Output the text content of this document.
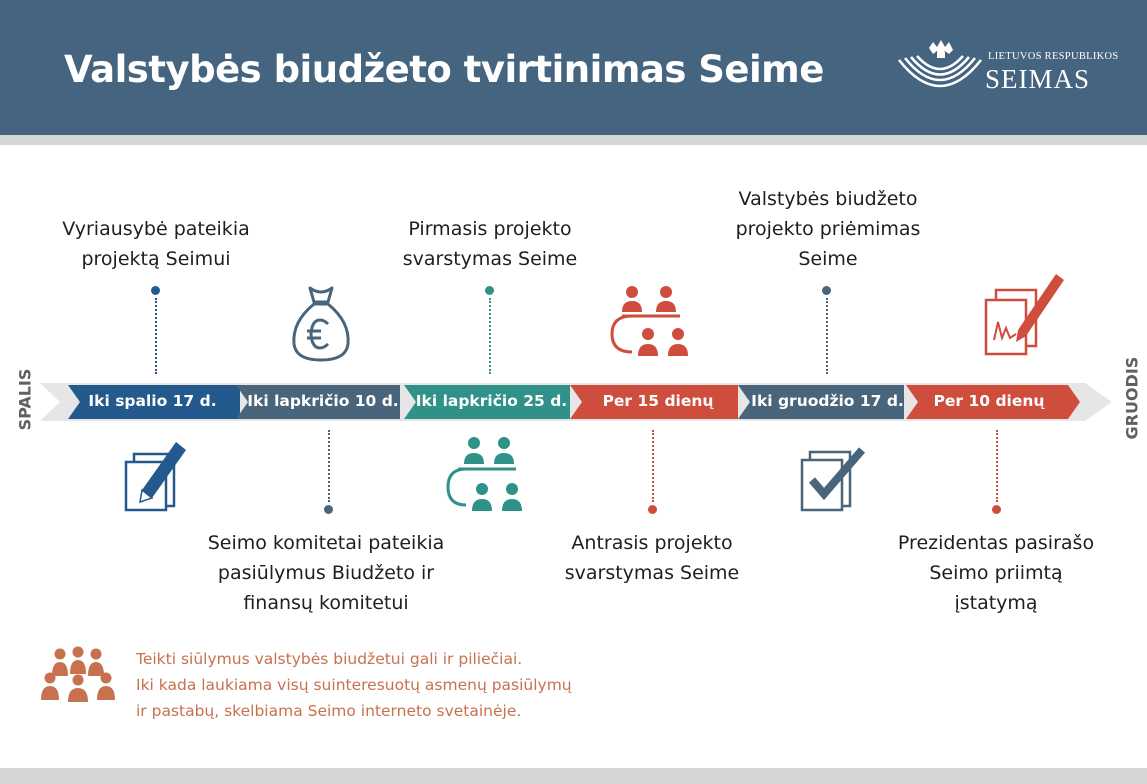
Valstybės biudžeto tvirtinimas Seime	LIETUVOS RESPUBLIKOS
SEIMAS
SPALIS	GRUODIS
Iki spalio 17 d.	Iki lapkričio 10 d.	Iki lapkričio 25 d.	Per 15 dienų	Iki gruodžio 17 d.	Per 10 dienų
Vyriausybė pateikia
projektą Seimui
Pirmasis projekto
svarstymas Seime
Valstybės biudžeto
projekto priėmimas
Seime
Seimo komitetai pateikia
pasiūlymus Biudžeto ir
finansų komitetui
Antrasis projekto
svarstymas Seime
Prezidentas pasirašo
Seimo priimtą
įstatymą
Teikti siūlymus valstybės biudžetui gali ir piliečiai.
Iki kada laukiama visų suinteresuotų asmenų pasiūlymų
ir pastabų, skelbiama Seimo interneto svetainėje.
